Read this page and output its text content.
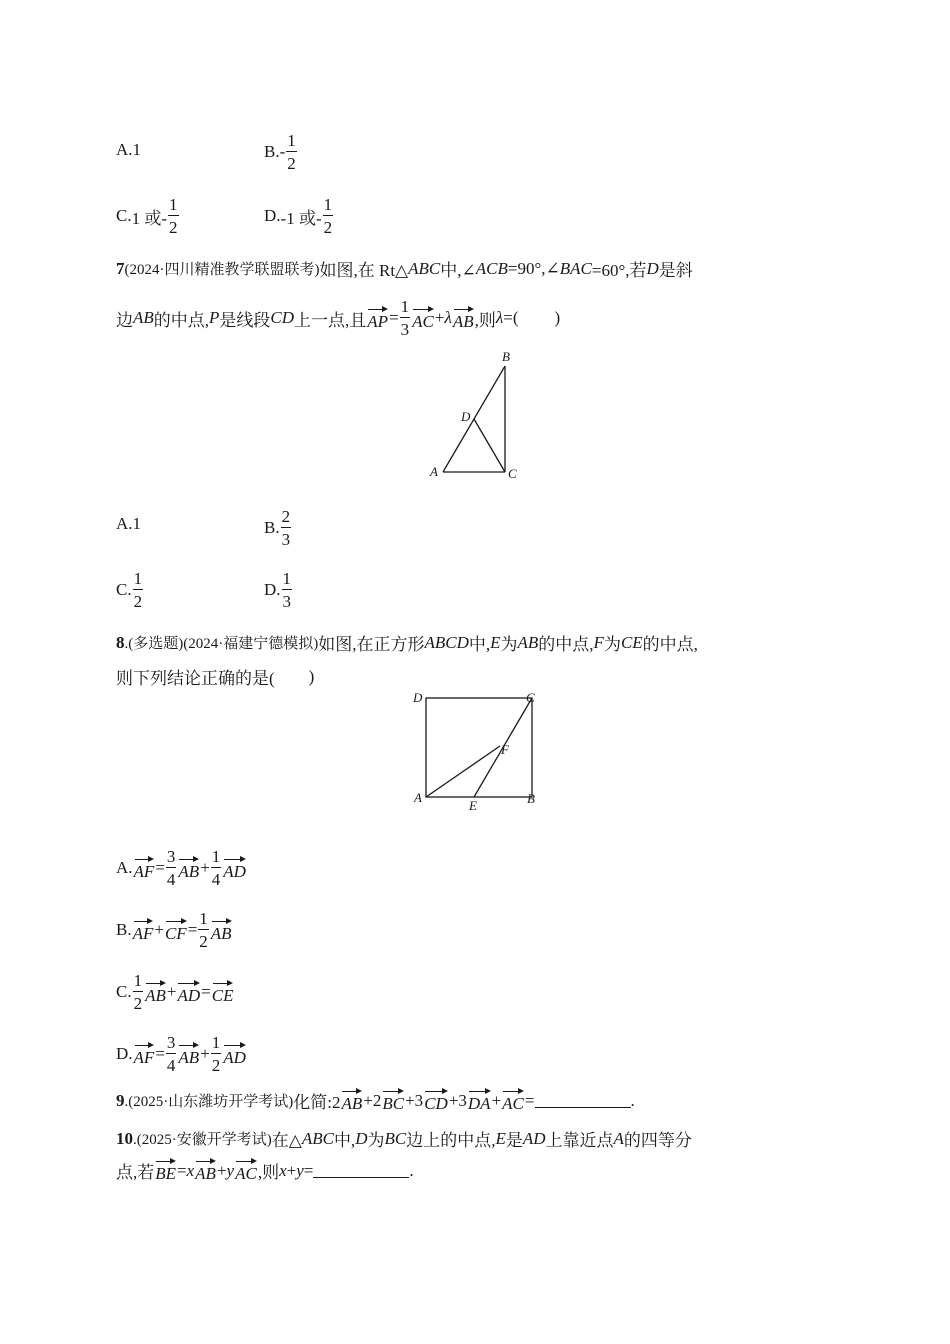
A. 1	B. - $\frac{1}{2}$
C. 1 或- $\frac{1}{2}$	D. -1 或- $\frac{1}{2}$
7 (2024·四川精准教学联盟联考) 如图,在 Rt△ ABC 中,∠ ACB =90°,∠ BAC =60°,若 D 是斜
边 AB 的中点, P 是线段 CD 上一点,且 AP = $\frac{1}{3}$ AC + λ AB ,则 λ =( )
A
B
C
D
A. 1	B. $\frac{2}{3}$
C. $\frac{1}{2}$	D. $\frac{1}{3}$
8 .(多选题)(2024·福建宁德模拟) 如图,在正方形 ABCD 中, E 为 AB 的中点, F 为 CE 的中点,
则下列结论正确的是( )
A	B
C
D
E
F
A. AF = $\frac{3}{4}$ AB + $\frac{1}{4}$ AD
B. AF + CF = $\frac{1}{2}$ AB
C. $\frac{1}{2}$ AB + AD = CE
D. AF = $\frac{3}{4}$ AB + $\frac{1}{2}$ AD
9 .(2025·山东潍坊开学考试) 化简:2 AB +2 BC +3 CD +3 DA + AC =	.
10 .(2025·安徽开学考试) 在△ ABC 中, D 为 BC 边上的中点, E 是 AD 上靠近点 A 的四等分
点,若 BE = x AB + y AC ,则 x + y =	.
